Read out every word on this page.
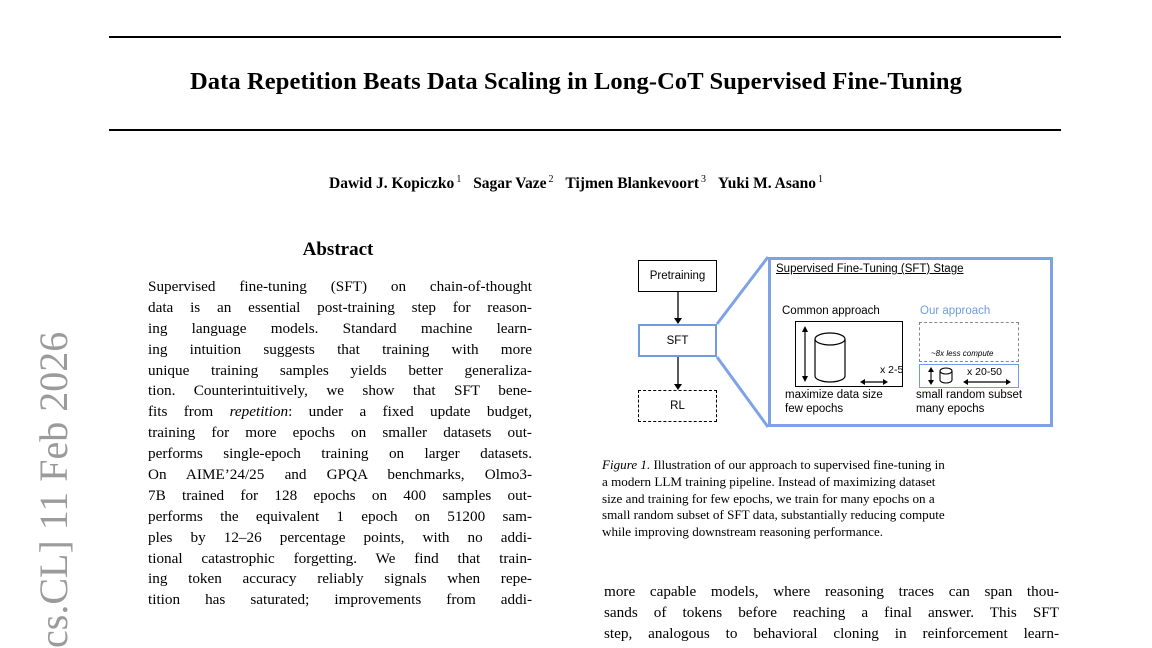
Data Repetition Beats Data Scaling in Long-CoT Supervised Fine-Tuning
Dawid J. Kopiczko $^1$ Sagar Vaze $^2$ Tijmen Blankevoort $^3$ Yuki M. Asano $^1$
cs.CL] 11 Feb 2026
Abstract
Supervised fine-tuning (SFT) on chain-of-thought
data is an essential post-training step for reason-
ing language models. Standard machine learn-
ing intuition suggests that training with more
unique training samples yields better generaliza-
tion. Counterintuitively, we show that SFT bene-
fits from repetition: under a fixed update budget,
training for more epochs on smaller datasets out-
performs single-epoch training on larger datasets.
On AIME’24/25 and GPQA benchmarks, Olmo3-
7B trained for 128 epochs on 400 samples out-
performs the equivalent 1 epoch on 51200 sam-
ples by 12–26 percentage points, with no addi-
tional catastrophic forgetting. We find that train-
ing token accuracy reliably signals when repe-
tition has saturated; improvements from addi-
Pretraining
SFT
RL
Supervised Fine-Tuning (SFT) Stage
Common approach	Our approach
~8x less compute
x 2-5	x 20-50
maximize data size
few epochs
small random subset
many epochs
Figure 1. Illustration of our approach to supervised fine-tuning in
a modern LLM training pipeline. Instead of maximizing dataset
size and training for few epochs, we train for many epochs on a
small random subset of SFT data, substantially reducing compute
while improving downstream reasoning performance.
more capable models, where reasoning traces can span thou-
sands of tokens before reaching a final answer. This SFT
step, analogous to behavioral cloning in reinforcement learn-
